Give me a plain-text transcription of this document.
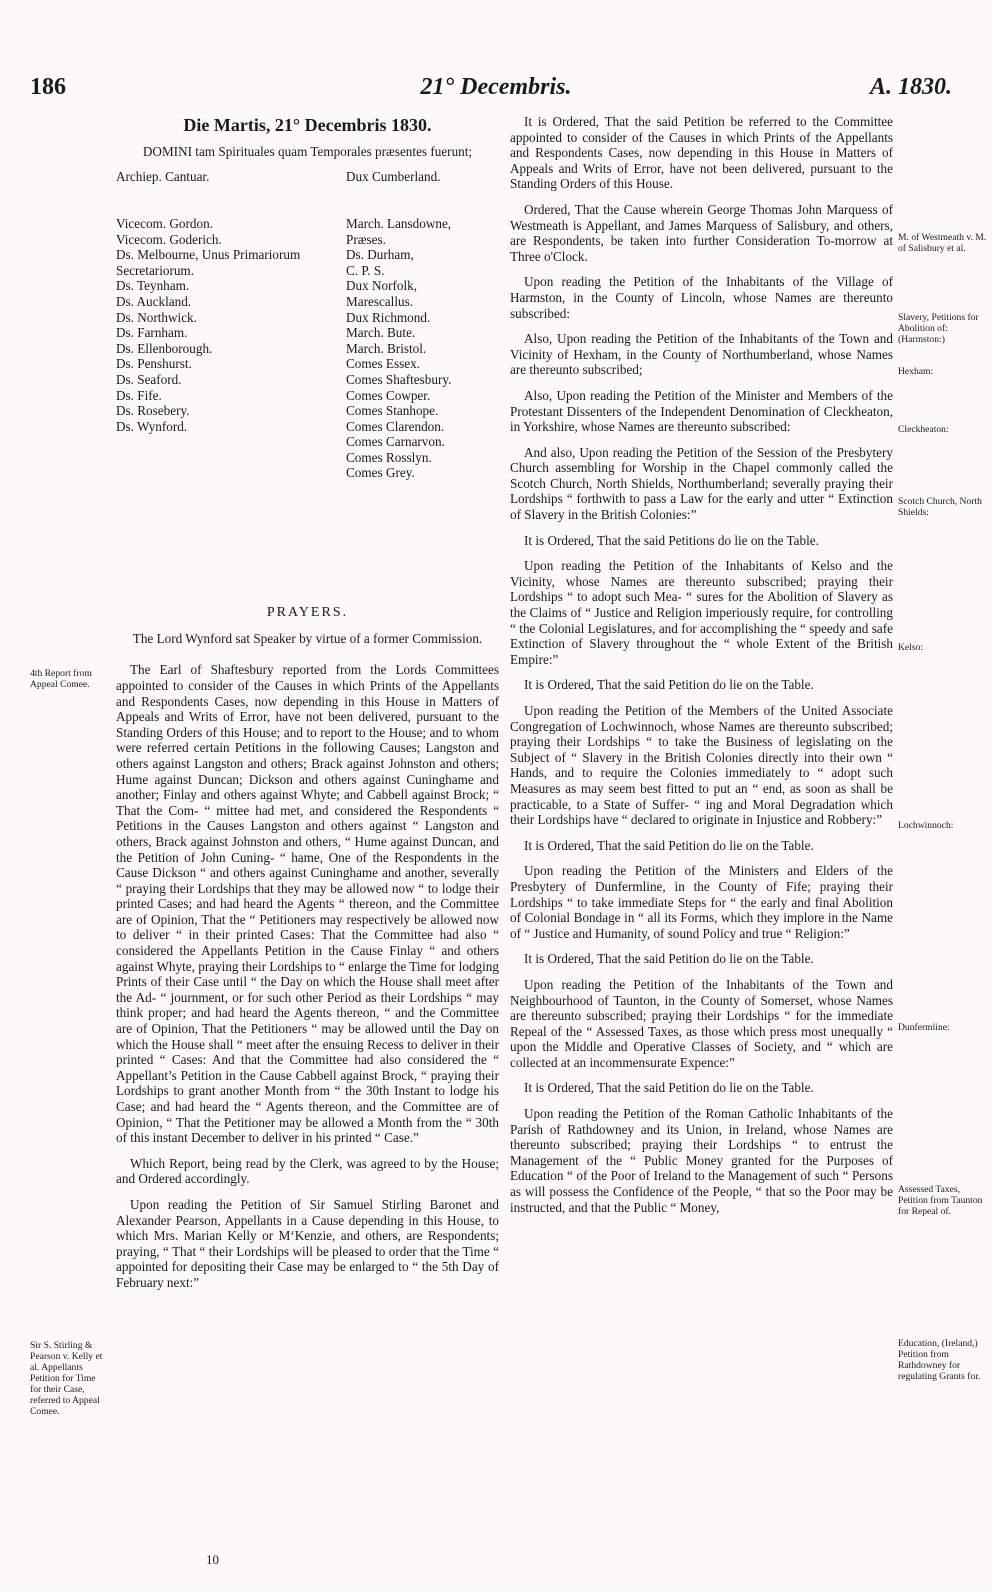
186	21° Decembris.	A. 1830.
Die Martis, 21° Decembris 1830.
DOMINI tam Spirituales quam Temporales præsentes fuerunt;
Archiep. Cantuar.

Vicecom. Gordon.
Vicecom. Goderich.
Ds. Melbourne, Unus Primariorum
Secretariorum.
Ds. Teynham.
Ds. Auckland.
Ds. Northwick.
Ds. Farnham.
Ds. Ellenborough.
Ds. Penshurst.
Ds. Seaford.
Ds. Fife.
Ds. Rosebery.
Ds. Wynford.
Dux Cumberland.

March. Lansdowne,
Præses.
Ds. Durham,
C. P. S.
Dux Norfolk,
Marescallus.
Dux Richmond.
March. Bute.
March. Bristol.
Comes Essex.
Comes Shaftesbury.
Comes Cowper.
Comes Stanhope.
Comes Clarendon.
Comes Carnarvon.
Comes Rosslyn.
Comes Grey.
PRAYERS.
The Lord Wynford sat Speaker by virtue of a former Commission.

The Earl of Shaftesbury reported from the Lords Committees appointed to consider of the Causes in which Prints of the Appellants and Respondents Cases, now depending in this House in Matters of Appeals and Writs of Error, have not been delivered, pursuant to the Standing Orders of this House; and to report to the House; and to whom were referred certain Petitions in the following Causes; Langston and others against Langston and others; Brack against Johnston and others; Hume against Duncan; Dickson and others against Cuninghame and another; Finlay and others against Whyte; and Cabbell against Brock; “ That the Com- “ mittee had met, and considered the Respondents “ Petitions in the Causes Langston and others against “ Langston and others, Brack against Johnston and others, “ Hume against Duncan, and the Petition of John Cuning- “ hame, One of the Respondents in the Cause Dickson “ and others against Cuninghame and another, severally “ praying their Lordships that they may be allowed now “ to lodge their printed Cases; and had heard the Agents “ thereon, and the Committee are of Opinion, That the “ Petitioners may respectively be allowed now to deliver “ in their printed Cases: That the Committee had also “ considered the Appellants Petition in the Cause Finlay “ and others against Whyte, praying their Lordships to “ enlarge the Time for lodging Prints of their Case until “ the Day on which the House shall meet after the Ad- “ journment, or for such other Period as their Lordships “ may think proper; and had heard the Agents thereon, “ and the Committee are of Opinion, That the Petitioners “ may be allowed until the Day on which the House shall “ meet after the ensuing Recess to deliver in their printed “ Cases: And that the Committee had also considered the “ Appellant’s Petition in the Cause Cabbell against Brock, “ praying their Lordships to grant another Month from “ the 30th Instant to lodge his Case; and had heard the “ Agents thereon, and the Committee are of Opinion, “ That the Petitioner may be allowed a Month from the “ 30th of this instant December to deliver in his printed “ Case.”

Which Report, being read by the Clerk, was agreed to by the House; and Ordered accordingly.

Upon reading the Petition of Sir Samuel Stirling Baronet and Alexander Pearson, Appellants in a Cause depending in this House, to which Mrs. Marian Kelly or M‘Kenzie, and others, are Respondents; praying, “ That “ their Lordships will be pleased to order that the Time “ appointed for depositing their Case may be enlarged to “ the 5th Day of February next:”

4th Report from Appeal Comee.
Sir S. Stirling & Pearson v. Kelly et al. Appellants Petition for Time for their Case, referred to Appeal Comee.

It is Ordered, That the said Petition be referred to the Committee appointed to consider of the Causes in which Prints of the Appellants and Respondents Cases, now depending in this House in Matters of Appeals and Writs of Error, have not been delivered, pursuant to the Standing Orders of this House.

Ordered, That the Cause wherein George Thomas John Marquess of Westmeath is Appellant, and James Marquess of Salisbury, and others, are Respondents, be taken into further Consideration To-morrow at Three o'Clock.

Upon reading the Petition of the Inhabitants of the Village of Harmston, in the County of Lincoln, whose Names are thereunto subscribed:

Also, Upon reading the Petition of the Inhabitants of the Town and Vicinity of Hexham, in the County of Northumberland, whose Names are thereunto subscribed;

Also, Upon reading the Petition of the Minister and Members of the Protestant Dissenters of the Independent Denomination of Cleckheaton, in Yorkshire, whose Names are thereunto subscribed:

And also, Upon reading the Petition of the Session of the Presbytery Church assembling for Worship in the Chapel commonly called the Scotch Church, North Shields, Northumberland; severally praying their Lordships “ forthwith to pass a Law for the early and utter “ Extinction of Slavery in the British Colonies:”

It is Ordered, That the said Petitions do lie on the Table.

Upon reading the Petition of the Inhabitants of Kelso and the Vicinity, whose Names are thereunto subscribed; praying their Lordships “ to adopt such Mea- “ sures for the Abolition of Slavery as the Claims of “ Justice and Religion imperiously require, for controlling “ the Colonial Legislatures, and for accomplishing the “ speedy and safe Extinction of Slavery throughout the “ whole Extent of the British Empire:”

It is Ordered, That the said Petition do lie on the Table.

Upon reading the Petition of the Members of the United Associate Congregation of Lochwinnoch, whose Names are thereunto subscribed; praying their Lordships “ to take the Business of legislating on the Subject of “ Slavery in the British Colonies directly into their own “ Hands, and to require the Colonies immediately to “ adopt such Measures as may seem best fitted to put an “ end, as soon as shall be practicable, to a State of Suffer- “ ing and Moral Degradation which their Lordships have “ declared to originate in Injustice and Robbery:”

It is Ordered, That the said Petition do lie on the Table.

Upon reading the Petition of the Ministers and Elders of the Presbytery of Dunfermline, in the County of Fife; praying their Lordships “ to take immediate Steps for “ the early and final Abolition of Colonial Bondage in “ all its Forms, which they implore in the Name of “ Justice and Humanity, of sound Policy and true “ Religion:”

It is Ordered, That the said Petition do lie on the Table.

Upon reading the Petition of the Inhabitants of the Town and Neighbourhood of Taunton, in the County of Somerset, whose Names are thereunto subscribed; praying their Lordships “ for the immediate Repeal of the “ Assessed Taxes, as those which press most unequally “ upon the Middle and Operative Classes of Society, and “ which are collected at an incommensurate Expence:”

It is Ordered, That the said Petition do lie on the Table.

Upon reading the Petition of the Roman Catholic Inhabitants of the Parish of Rathdowney and its Union, in Ireland, whose Names are thereunto subscribed; praying their Lordships “ to entrust the Management of the “ Public Money granted for the Purposes of Education “ of the Poor of Ireland to the Management of such “ Persons as will possess the Confidence of the People, “ that so the Poor may be instructed, and that the Public “ Money,

M. of Westmeath v. M. of Salisbury et al.
Slavery, Petitions for Abolition of: (Harmston:)
Hexham:
Cleckheaton:
Scotch Church, North Shields:
Kelso:
Lochwinnoch:
Dunfermline:
Assessed Taxes, Petition from Taunton for Repeal of.
Education, (Ireland,) Petition from Rathdowney for regulating Grants for.
10
